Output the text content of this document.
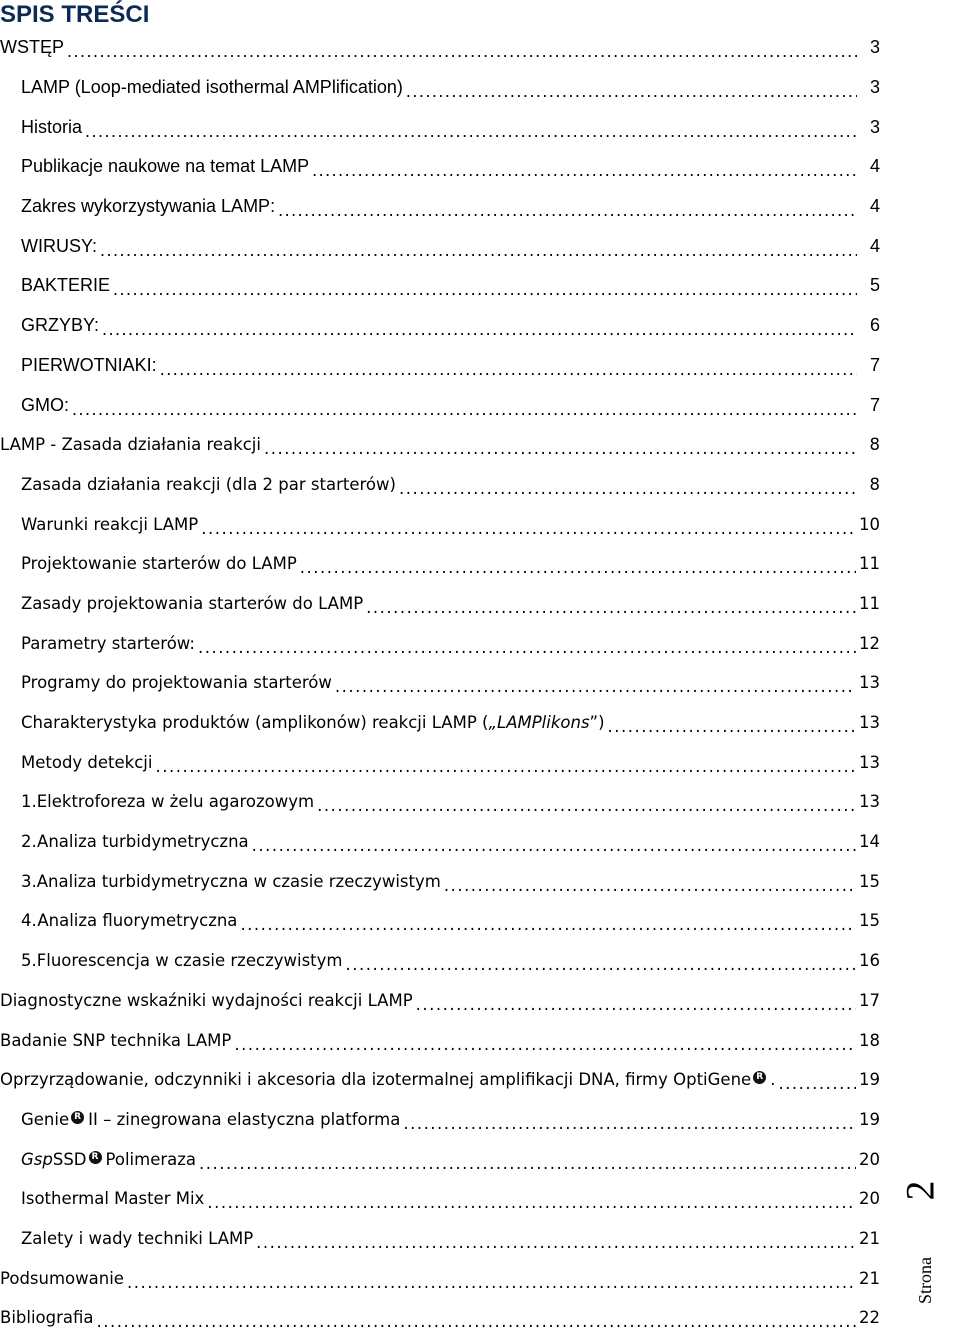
SPIS TREŚCI
WSTĘP .....	3
LAMP (Loop-mediated isothermal AMPlification) .....	3
Historia .....	3
Publikacje naukowe na temat LAMP .....	4
Zakres wykorzystywania LAMP: .....	4
WIRUSY: .....	4
BAKTERIE .....	5
GRZYBY: .....	6
PIERWOTNIAKI: .....	7
GMO: .....	7
LAMP - Zasada działania reakcji .....	8
Zasada działania reakcji (dla 2 par starterów) .....	8
Warunki reakcji LAMP .....	10
Projektowanie starterów do LAMP .....	11
Zasady projektowania starterów do LAMP .....	11
Parametry starterów: .....	12
Programy do projektowania starterów .....	13
Charakterystyka produktów (amplikonów) reakcji LAMP („LAMPlikons”) .....	13
Metody detekcji .....	13
1. Elektroforeza w żelu agarozowym .....	13
2. Analiza turbidymetryczna .....	14
3. Analiza turbidymetryczna w czasie rzeczywistym .....	15
4. Analiza fluorymetryczna .....	15
5. Fluorescencja w czasie rzeczywistym .....	16
Diagnostyczne wskaźniki wydajności reakcji LAMP .....	17
Badanie SNP technika LAMP .....	18
Oprzyrządowanie, odczynniki i akcesoria dla izotermalnej amplifikacji DNA, firmy OptiGene R . .....	19
Genie R II – zinegrowana elastyczna platforma .....	19
GspSSD R Polimeraza .....	20
Isothermal Master Mix .....	20
Zalety i wady techniki LAMP .....	21
Podsumowanie .....	21
Bibliografia .....	22
Strona
2
